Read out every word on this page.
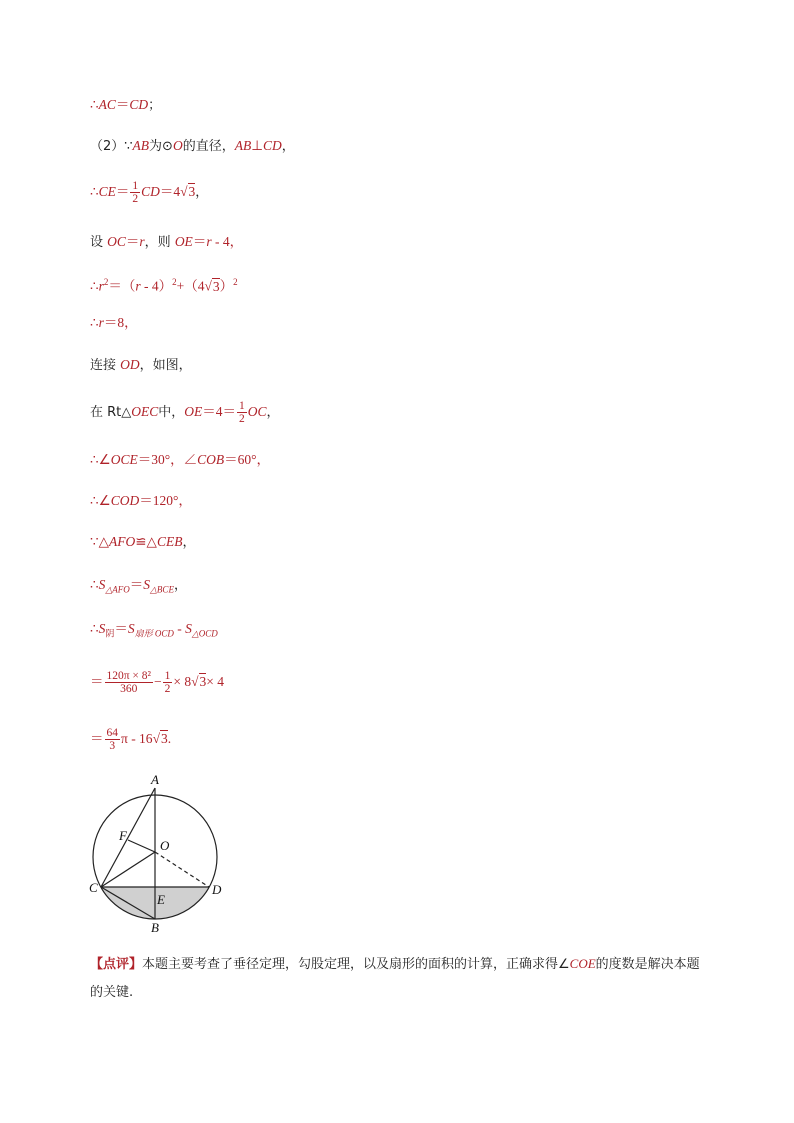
∴AC＝CD；
（2）∵AB为⊙O的直径，AB⊥CD，
∴CE＝ $\frac{1}{2} CD=4√3$，
设 OC＝r，则 OE＝r - 4，
$\therefore r^2=(r - 4)^2+(4√3)^2$
∴r＝8，
连接 OD，如图，
在 Rt△OEC中，$OE=4= \frac{1}{2}$ OC，
∴∠OCE＝30°，∠COB＝60°，
∴∠COD＝120°，
∵△AFO≌△CEB，
$\therefore S_{\triangle AFO}=S_{\triangle BCE}$，
$\therefore S_阴=S_{扇形 OCD} - S_{\triangle OCD}$
＝ $\frac{\text{120π × 8²}}{360} - \frac{1}{2} \times 8√3\times 4$
＝ $\frac{64}{3}$ π - 16√3.
A
F
O
C	D
E
B
【点评】本题主要考查了垂径定理，勾股定理，以及扇形的面积的计算，正确求得∠COE的度数是解决本题的关键.
